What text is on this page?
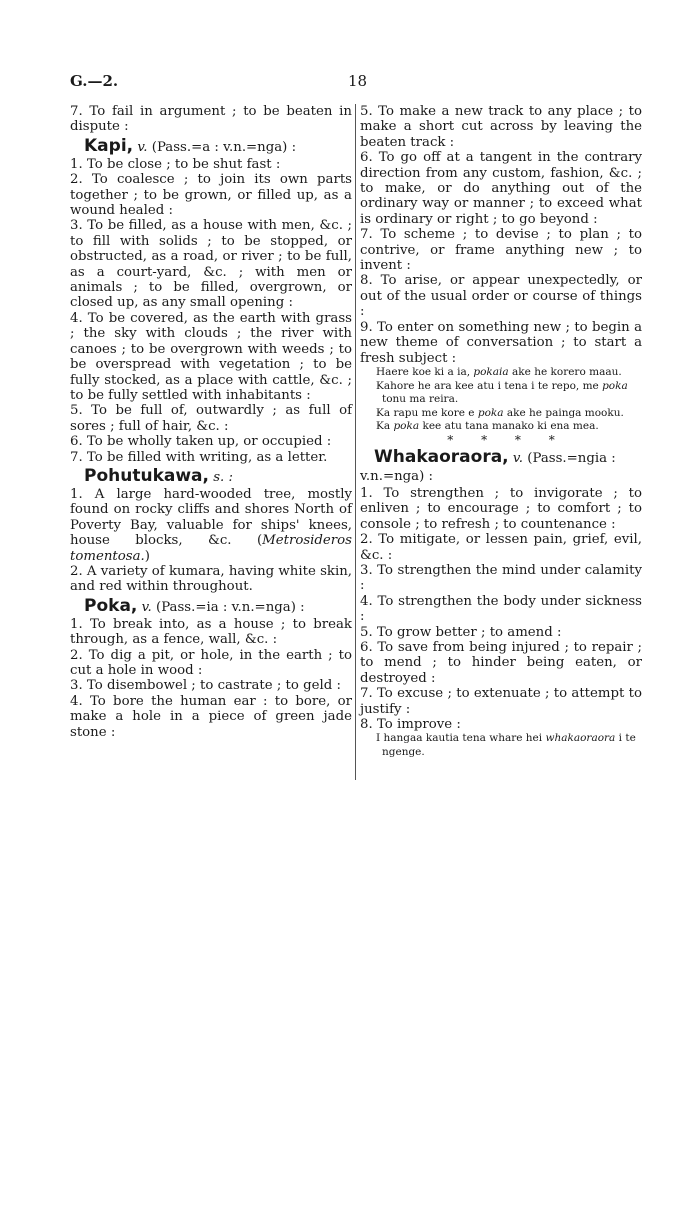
G.—2.	18

7. To fail in argument ; to be beaten in dispute :

Kapi, v. (Pass.=a : v.n.=nga) :

1. To be close ; to be shut fast :

2. To coalesce ; to join its own parts together ; to be grown, or filled up, as a wound healed :

3. To be filled, as a house with men, &c. ; to fill with solids ; to be stopped, or obstructed, as a road, or river ; to be full, as a court-yard, &c. ; with men or animals ; to be filled, overgrown, or closed up, as any small opening :

4. To be covered, as the earth with grass ; the sky with clouds ; the river with canoes ; to be overgrown with weeds ; to be overspread with vegetation ; to be fully stocked, as a place with cattle, &c. ; to be fully settled with inhabitants :

5. To be full of, outwardly ; as full of sores ; full of hair, &c. :

6. To be wholly taken up, or occupied :

7. To be filled with writing, as a letter.

Pohutukawa, s. :

1. A large hard-wooded tree, mostly found on rocky cliffs and shores North of Poverty Bay, valuable for ships' knees, house blocks, &c. (Metrosideros tomentosa.)

2. A variety of kumara, having white skin, and red within throughout.

Poka, v. (Pass.=ia : v.n.=nga) :

1. To break into, as a house ; to break through, as a fence, wall, &c. :

2. To dig a pit, or hole, in the earth ; to cut a hole in wood :

3. To disembowel ; to castrate ; to geld :

4. To bore the human ear : to bore, or make a hole in a piece of green jade stone :

5. To make a new track to any place ; to make a short cut across by leaving the beaten track :

6. To go off at a tangent in the contrary direction from any custom, fashion, &c. ; to make, or do anything out of the ordinary way or manner ; to exceed what is ordinary or right ; to go beyond :

7. To scheme ; to devise ; to plan ; to contrive, or frame anything new ; to invent :

8. To arise, or appear unexpectedly, or out of the usual order or course of things :

9. To enter on something new ; to begin a new theme of conversation ; to start a fresh subject :

Haere koe ki a ia, pokaia ake he korero maau.

Kahore he ara kee atu i tena i te repo, me poka tonu ma reira.

Ka rapu me kore e poka ake he painga mooku.

Ka poka kee atu tana manako ki ena mea.

* * * *

Whakaoraora, v. (Pass.=ngia : v.n.=nga) :

1. To strengthen ; to invigorate ; to enliven ; to encourage ; to comfort ; to console ; to refresh ; to countenance :

2. To mitigate, or lessen pain, grief, evil, &c. :

3. To strengthen the mind under calamity :

4. To strengthen the body under sickness :

5. To grow better ; to amend :

6. To save from being injured ; to repair ; to mend ; to hinder being eaten, or destroyed :

7. To excuse ; to extenuate ; to attempt to justify :

8. To improve :

I hangaa kautia tena whare hei whakaoraora i te ngenge.
